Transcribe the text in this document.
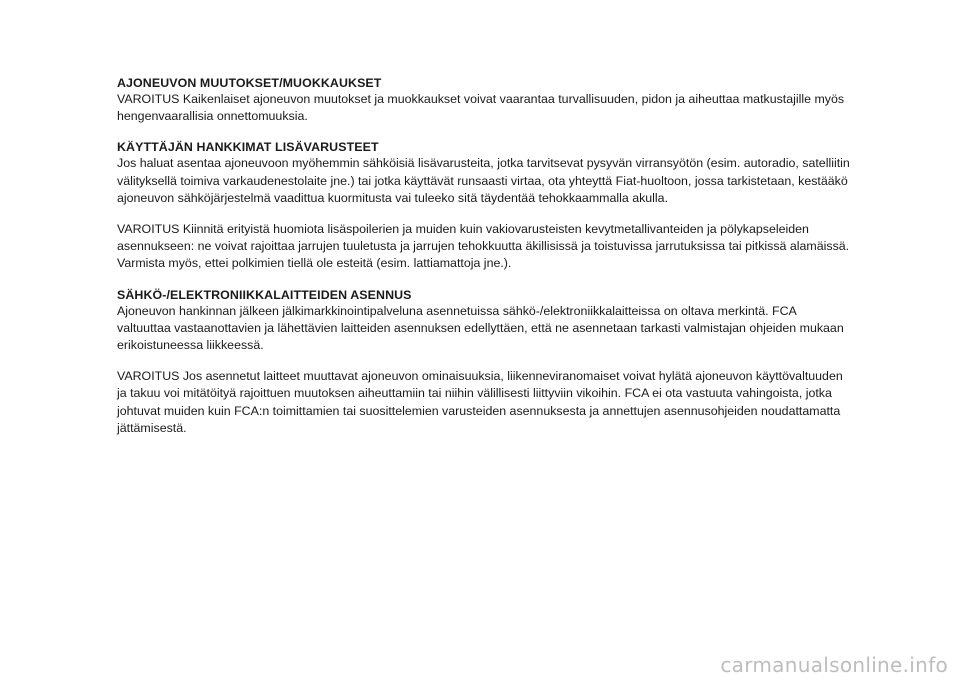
AJONEUVON MUUTOKSET/MUOKKAUKSET

VAROITUS Kaikenlaiset ajoneuvon muutokset ja muokkaukset voivat vaarantaa turvallisuuden, pidon ja aiheuttaa matkustajille myös hengenvaarallisia onnettomuuksia.

KÄYTTÄJÄN HANKKIMAT LISÄVARUSTEET

Jos haluat asentaa ajoneuvoon myöhemmin sähköisiä lisävarusteita, jotka tarvitsevat pysyvän virransyötön (esim. autoradio, satelliitin välityksellä toimiva varkaudenestolaite jne.) tai jotka käyttävät runsaasti virtaa, ota yhteyttä Fiat-huoltoon, jossa tarkistetaan, kestääkö ajoneuvon sähköjärjestelmä vaadittua kuormitusta vai tuleeko sitä täydentää tehokkaammalla akulla.

VAROITUS Kiinnitä erityistä huomiota lisäspoilerien ja muiden kuin vakiovarusteisten kevytmetallivanteiden ja pölykapseleiden asennukseen: ne voivat rajoittaa jarrujen tuuletusta ja jarrujen tehokkuutta äkillisissä ja toistuvissa jarrutuksissa tai pitkissä alamäissä. Varmista myös, ettei polkimien tiellä ole esteitä (esim. lattiamattoja jne.).

SÄHKÖ-/ELEKTRONIIKKALAITTEIDEN ASENNUS

Ajoneuvon hankinnan jälkeen jälkimarkkinointipalveluna asennetuissa sähkö-/elektroniikkalaitteissa on oltava merkintä. FCA valtuuttaa vastaanottavien ja lähettävien laitteiden asennuksen edellyttäen, että ne asennetaan tarkasti valmistajan ohjeiden mukaan erikoistuneessa liikkeessä.

VAROITUS Jos asennetut laitteet muuttavat ajoneuvon ominaisuuksia, liikenneviranomaiset voivat hylätä ajoneuvon käyttövaltuuden ja takuu voi mitätöityä rajoittuen muutoksen aiheuttamiin tai niihin välillisesti liittyviin vikoihin. FCA ei ota vastuuta vahingoista, jotka johtuvat muiden kuin FCA:n toimittamien tai suosittelemien varusteiden asennuksesta ja annettujen asennusohjeiden noudattamatta jättämisestä.

carmanualsonline.info
